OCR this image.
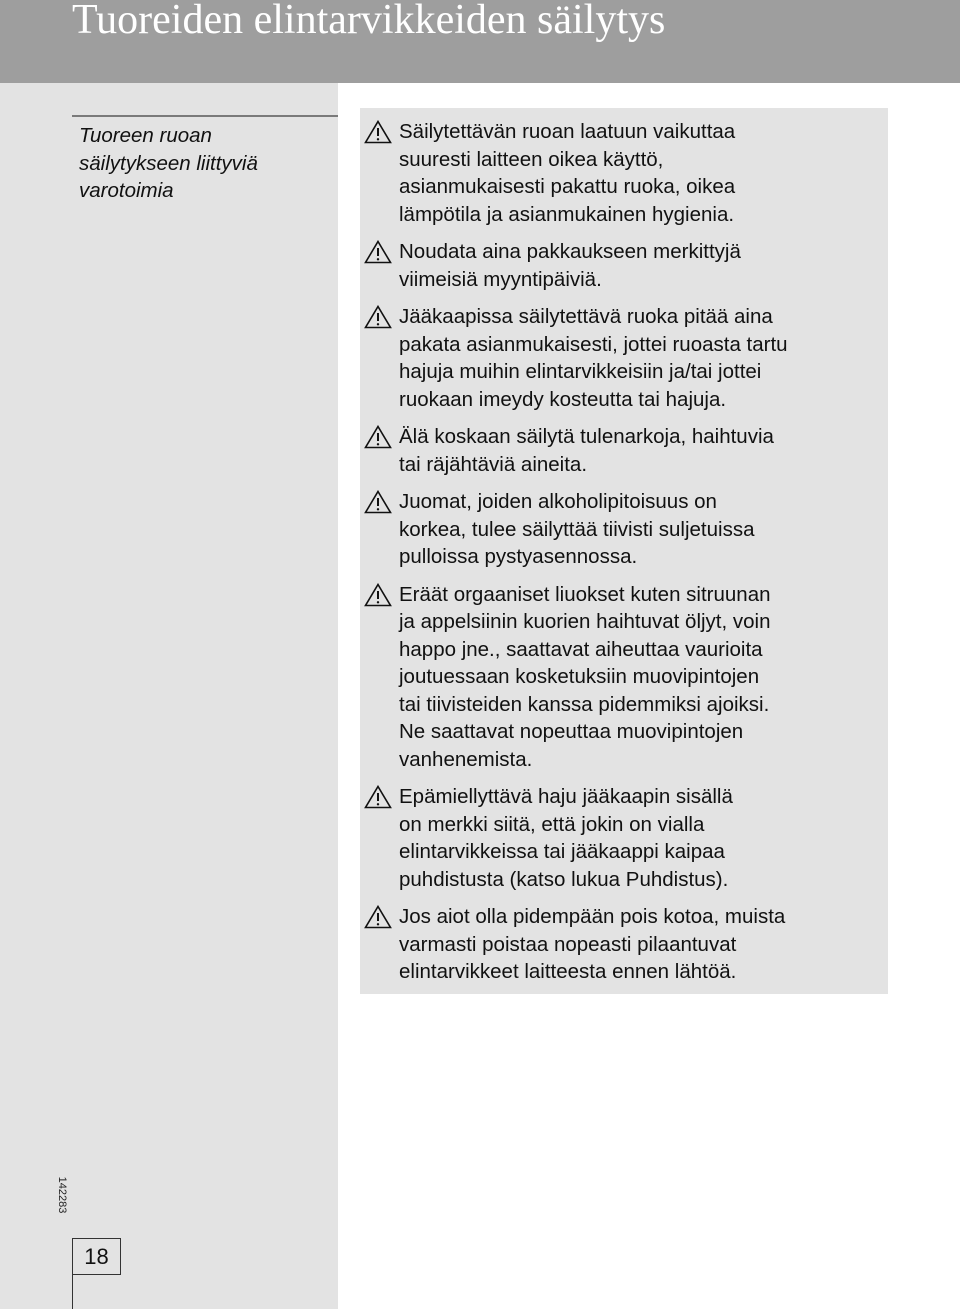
Tuoreiden elintarvikkeiden säilytys
Tuoreen ruoan
säilytykseen liittyviä
varotoimia
142283
18
Säilytettävän ruoan laatuun vaikuttaa
suuresti laitteen oikea käyttö,
asianmukaisesti pakattu ruoka, oikea
lämpötila ja asianmukainen hygienia.
Noudata aina pakkaukseen merkittyjä
viimeisiä myyntipäiviä.
Jääkaapissa säilytettävä ruoka pitää aina
pakata asianmukaisesti, jottei ruoasta tartu
hajuja muihin elintarvikkeisiin ja/tai jottei
ruokaan imeydy kosteutta tai hajuja.
Älä koskaan säilytä tulenarkoja, haihtuvia
tai räjähtäviä aineita.
Juomat, joiden alkoholipitoisuus on
korkea, tulee säilyttää tiivisti suljetuissa
pulloissa pystyasennossa.
Eräät orgaaniset liuokset kuten sitruunan
ja appelsiinin kuorien haihtuvat öljyt, voin
happo jne., saattavat aiheuttaa vaurioita
joutuessaan kosketuksiin muovipintojen
tai tiivisteiden kanssa pidemmiksi ajoiksi.
Ne saattavat nopeuttaa muovipintojen
vanhenemista.
Epämiellyttävä haju jääkaapin sisällä
on merkki siitä, että jokin on vialla
elintarvikkeissa tai jääkaappi kaipaa
puhdistusta (katso lukua Puhdistus).
Jos aiot olla pidempään pois kotoa, muista
varmasti poistaa nopeasti pilaantuvat
elintarvikkeet laitteesta ennen lähtöä.
